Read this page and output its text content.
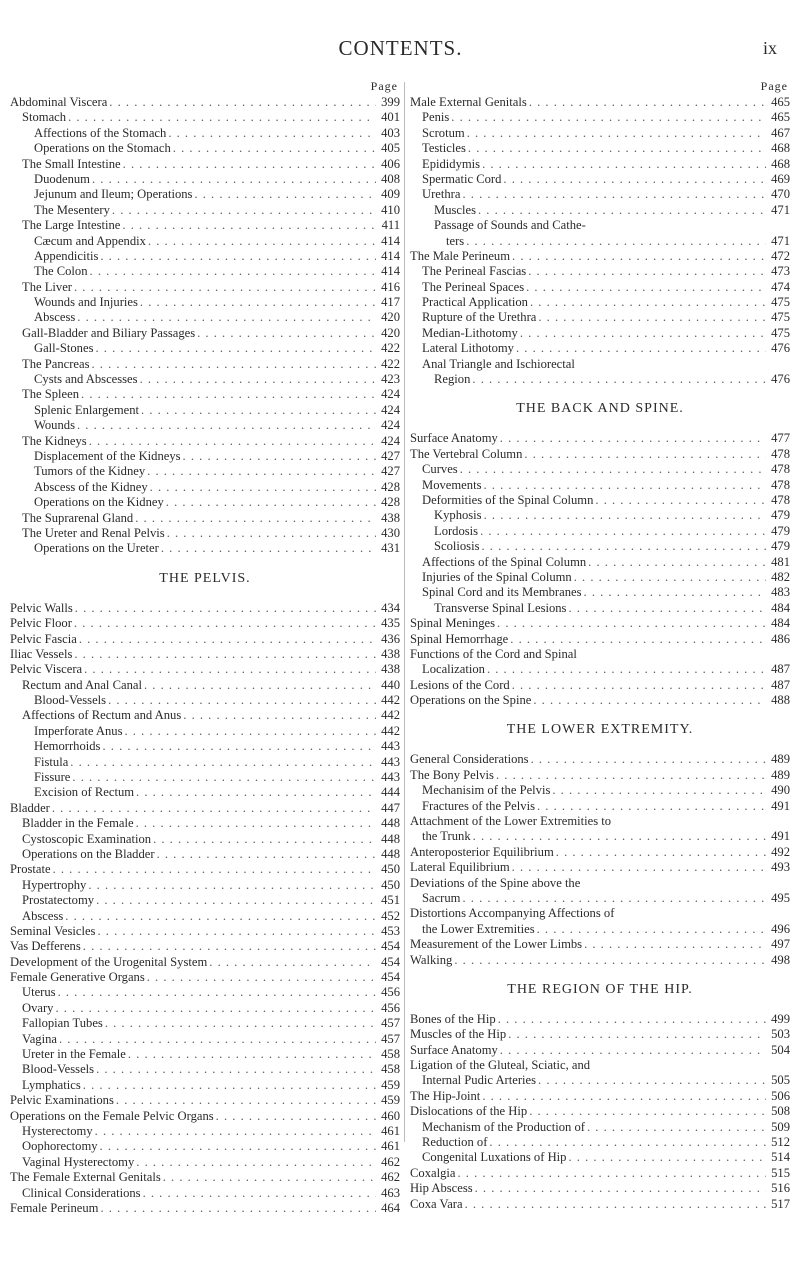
CONTENTS.	ix
Page
Abdominal Viscera . . .	399
Stomach . . .	401
Affections of the Stomach . . .	403
Operations on the Stomach . . .	405
The Small Intestine . . .	406
Duodenum . . .	408
Jejunum and Ileum; Operations . . .	409
The Mesentery . . .	410
The Large Intestine . . .	411
Cæcum and Appendix . . .	414
Appendicitis . . .	414
The Colon . . .	414
The Liver . . .	416
Wounds and Injuries . . .	417
Abscess . . .	420
Gall-Bladder and Biliary Passages . . .	420
Gall-Stones . . .	422
The Pancreas . . .	422
Cysts and Abscesses . . .	423
The Spleen . . .	424
Splenic Enlargement . . .	424
Wounds . . .	424
The Kidneys . . .	424
Displacement of the Kidneys . . .	427
Tumors of the Kidney . . .	427
Abscess of the Kidney . . .	428
Operations on the Kidney . . .	428
The Suprarenal Gland . . .	438
The Ureter and Renal Pelvis . . .	430
Operations on the Ureter . . .	431
THE PELVIS.
Pelvic Walls . . .	434
Pelvic Floor . . .	435
Pelvic Fascia . . .	436
Iliac Vessels . . .	438
Pelvic Viscera . . .	438
Rectum and Anal Canal . . .	440
Blood-Vessels . . .	442
Affections of Rectum and Anus . . .	442
Imperforate Anus . . .	442
Hemorrhoids . . .	443
Fistula . . .	443
Fissure . . .	443
Excision of Rectum . . .	444
Bladder . . .	447
Bladder in the Female . . .	448
Cystoscopic Examination . . .	448
Operations on the Bladder . . .	448
Prostate . . .	450
Hypertrophy . . .	450
Prostatectomy . . .	451
Abscess . . .	452
Seminal Vesicles . . .	453
Vas Defferens . . .	454
Development of the Urogenital System . . .	454
Female Generative Organs . . .	454
Uterus . . .	456
Ovary . . .	456
Fallopian Tubes . . .	457
Vagina . . .	457
Ureter in the Female . . .	458
Blood-Vessels . . .	458
Lymphatics . . .	459
Pelvic Examinations . . .	459
Operations on the Female Pelvic Organs . . .	460
Hysterectomy . . .	461
Oophorectomy . . .	461
Vaginal Hysterectomy . . .	462
The Female External Genitals . . .	462
Clinical Considerations . . .	463
Female Perineum . . .	464
Page
Male External Genitals . . .	465
Penis . . .	465
Scrotum . . .	467
Testicles . . .	468
Epididymis . . .	468
Spermatic Cord . . .	469
Urethra . . .	470
Muscles . . .	471
Passage of Sounds and Cathe-
ters . . .	471
The Male Perineum . . .	472
The Perineal Fascias . . .	473
The Perineal Spaces . . .	474
Practical Application . . .	475
Rupture of the Urethra . . .	475
Median-Lithotomy . . .	475
Lateral Lithotomy . . .	476
Anal Triangle and Ischiorectal
Region . . .	476
THE BACK AND SPINE.
Surface Anatomy . . .	477
The Vertebral Column . . .	478
Curves . . .	478
Movements . . .	478
Deformities of the Spinal Column . . .	478
Kyphosis . . .	479
Lordosis . . .	479
Scoliosis . . .	479
Affections of the Spinal Column . . .	481
Injuries of the Spinal Column . . .	482
Spinal Cord and its Membranes . . .	483
Transverse Spinal Lesions . . .	484
Spinal Meninges . . .	484
Spinal Hemorrhage . . .	486
Functions of the Cord and Spinal
Localization . . .	487
Lesions of the Cord . . .	487
Operations on the Spine . . .	488
THE LOWER EXTREMITY.
General Considerations . . .	489
The Bony Pelvis . . .	489
Mechanisim of the Pelvis . . .	490
Fractures of the Pelvis . . .	491
Attachment of the Lower Extremities to
the Trunk . . .	491
Anteroposterior Equilibrium . . .	492
Lateral Equilibrium . . .	493
Deviations of the Spine above the
Sacrum . . .	495
Distortions Accompanying Affections of
the Lower Extremities . . .	496
Measurement of the Lower Limbs . . .	497
Walking . . .	498
THE REGION OF THE HIP.
Bones of the Hip . . .	499
Muscles of the Hip . . .	503
Surface Anatomy . . .	504
Ligation of the Gluteal, Sciatic, and
Internal Pudic Arteries . . .	505
The Hip-Joint . . .	506
Dislocations of the Hip . . .	508
Mechanism of the Production of . . .	509
Reduction of . . .	512
Congenital Luxations of Hip . . .	514
Coxalgia . . .	515
Hip Abscess . . .	516
Coxa Vara . . .	517
